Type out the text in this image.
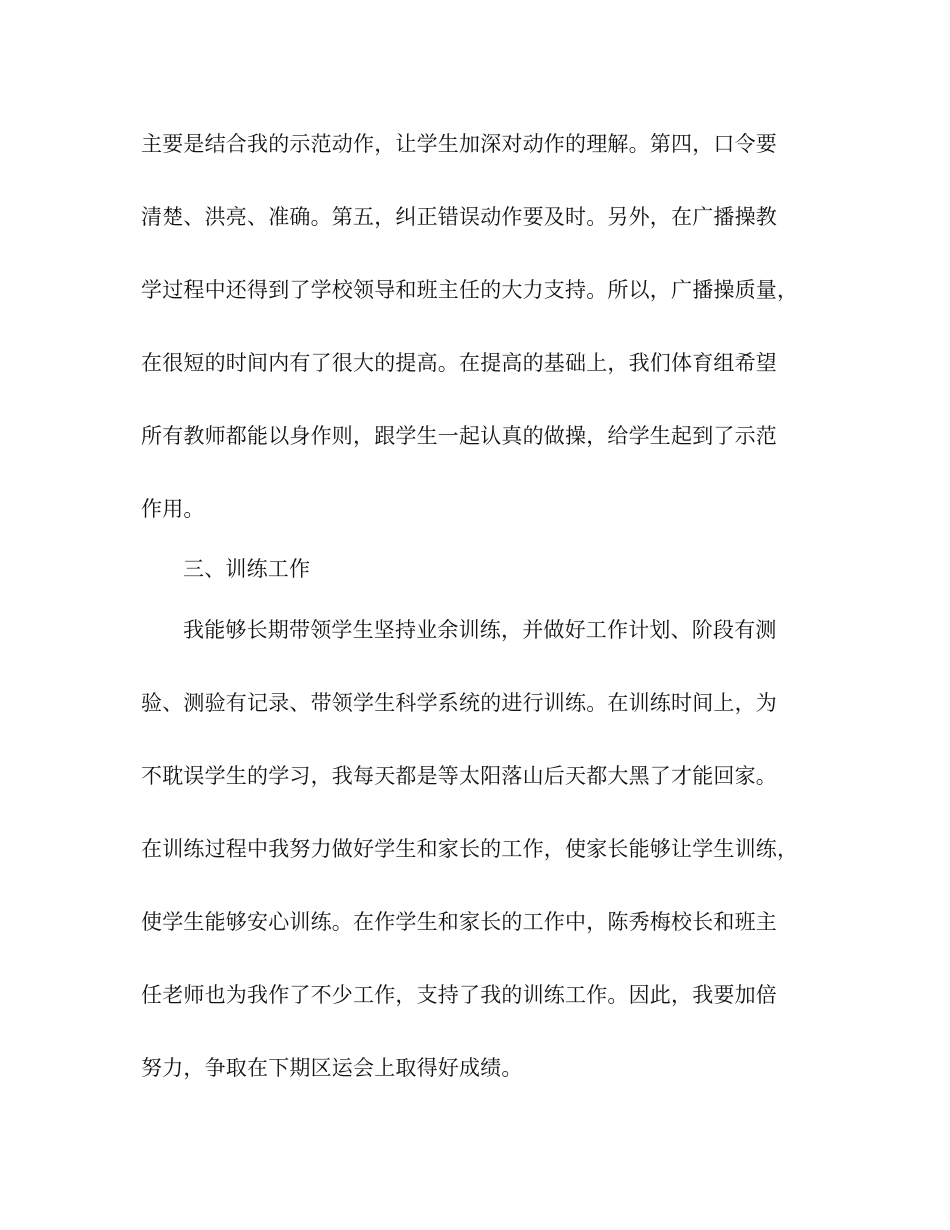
主要是结合我的示范动作，让学生加深对动作的理解。第四，口令要
清楚、洪亮、准确。第五，纠正错误动作要及时。另外，在广播操教
学过程中还得到了学校领导和班主任的大力支持。所以，广播操质量，
在很短的时间内有了很大的提高。在提高的基础上，我们体育组希望
所有教师都能以身作则，跟学生一起认真的做操，给学生起到了示范
作用。
三、训练工作
我能够长期带领学生坚持业余训练，并做好工作计划、阶段有测
验、测验有记录、带领学生科学系统的进行训练。在训练时间上，为
不耽误学生的学习，我每天都是等太阳落山后天都大黑了才能回家。
在训练过程中我努力做好学生和家长的工作，使家长能够让学生训练，
使学生能够安心训练。在作学生和家长的工作中，陈秀梅校长和班主
任老师也为我作了不少工作，支持了我的训练工作。因此，我要加倍
努力，争取在下期区运会上取得好成绩。
